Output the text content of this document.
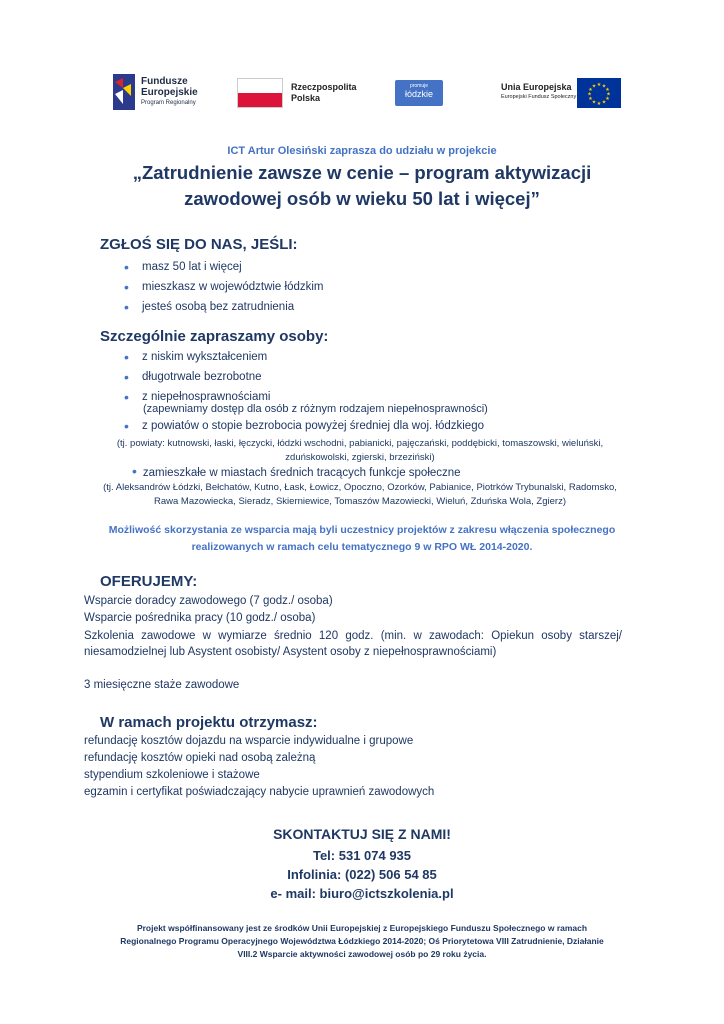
Fundusze
Europejskie
Program Regionalny
Rzeczpospolita
Polska
promuje
łódzkie
Unia Europejska
Europejski Fundusz Społeczny
★ ★
★
★
★
★
★
★
★
★
★
★
ICT Artur Olesiński zaprasza do udziału w projekcie
„Zatrudnienie zawsze w cenie – program aktywizacji
zawodowej osób w wieku 50 lat i więcej”
ZGŁOŚ SIĘ DO NAS, JEŚLI:
• masz 50 lat i więcej
• mieszkasz w województwie łódzkim
• jesteś osobą bez zatrudnienia
Szczególnie zapraszamy osoby:
• z niskim wykształceniem
• długotrwale bezrobotne
• z niepełnosprawnościami
(zapewniamy dostęp dla osób z różnym rodzajem niepełnosprawności)
• z powiatów o stopie bezrobocia powyżej średniej dla woj. łódzkiego
(tj. powiaty: kutnowski, łaski, łęczycki, łódzki wschodni, pabianicki, pajęczański, poddębicki, tomaszowski, wieluński,
zduńskowolski, zgierski, brzeziński)
• zamieszkałe w miastach średnich tracących funkcje społeczne
(tj. Aleksandrów Łódzki, Bełchatów, Kutno, Łask, Łowicz, Opoczno, Ozorków, Pabianice, Piotrków Trybunalski, Radomsko,
Rawa Mazowiecka, Sieradz, Skierniewice, Tomaszów Mazowiecki, Wieluń, Zduńska Wola, Zgierz)
Możliwość skorzystania ze wsparcia mają byli uczestnicy projektów z zakresu włączenia społecznego
realizowanych w ramach celu tematycznego 9 w RPO WŁ 2014-2020.
OFERUJEMY:
Wsparcie doradcy zawodowego (7 godz./ osoba)
Wsparcie pośrednika pracy (10 godz./ osoba)
Szkolenia zawodowe w wymiarze średnio 120 godz. (min. w zawodach: Opiekun osoby starszej/ niesamodzielnej lub Asystent osobisty/ Asystent osoby z niepełnosprawnościami)
3 miesięczne staże zawodowe
W ramach projektu otrzymasz:
refundację kosztów dojazdu na wsparcie indywidualne i grupowe
refundację kosztów opieki nad osobą zależną
stypendium szkoleniowe i stażowe
egzamin i certyfikat poświadczający nabycie uprawnień zawodowych
SKONTAKTUJ SIĘ Z NAMI!
Tel: 531 074 935
Infolinia: (022) 506 54 85
e- mail: biuro@ictszkolenia.pl
Projekt współfinansowany jest ze środków Unii Europejskiej z Europejskiego Funduszu Społecznego w ramach
Regionalnego Programu Operacyjnego Województwa Łódzkiego 2014-2020; Oś Priorytetowa VIII Zatrudnienie, Działanie
VIII.2 Wsparcie aktywności zawodowej osób po 29 roku życia.
